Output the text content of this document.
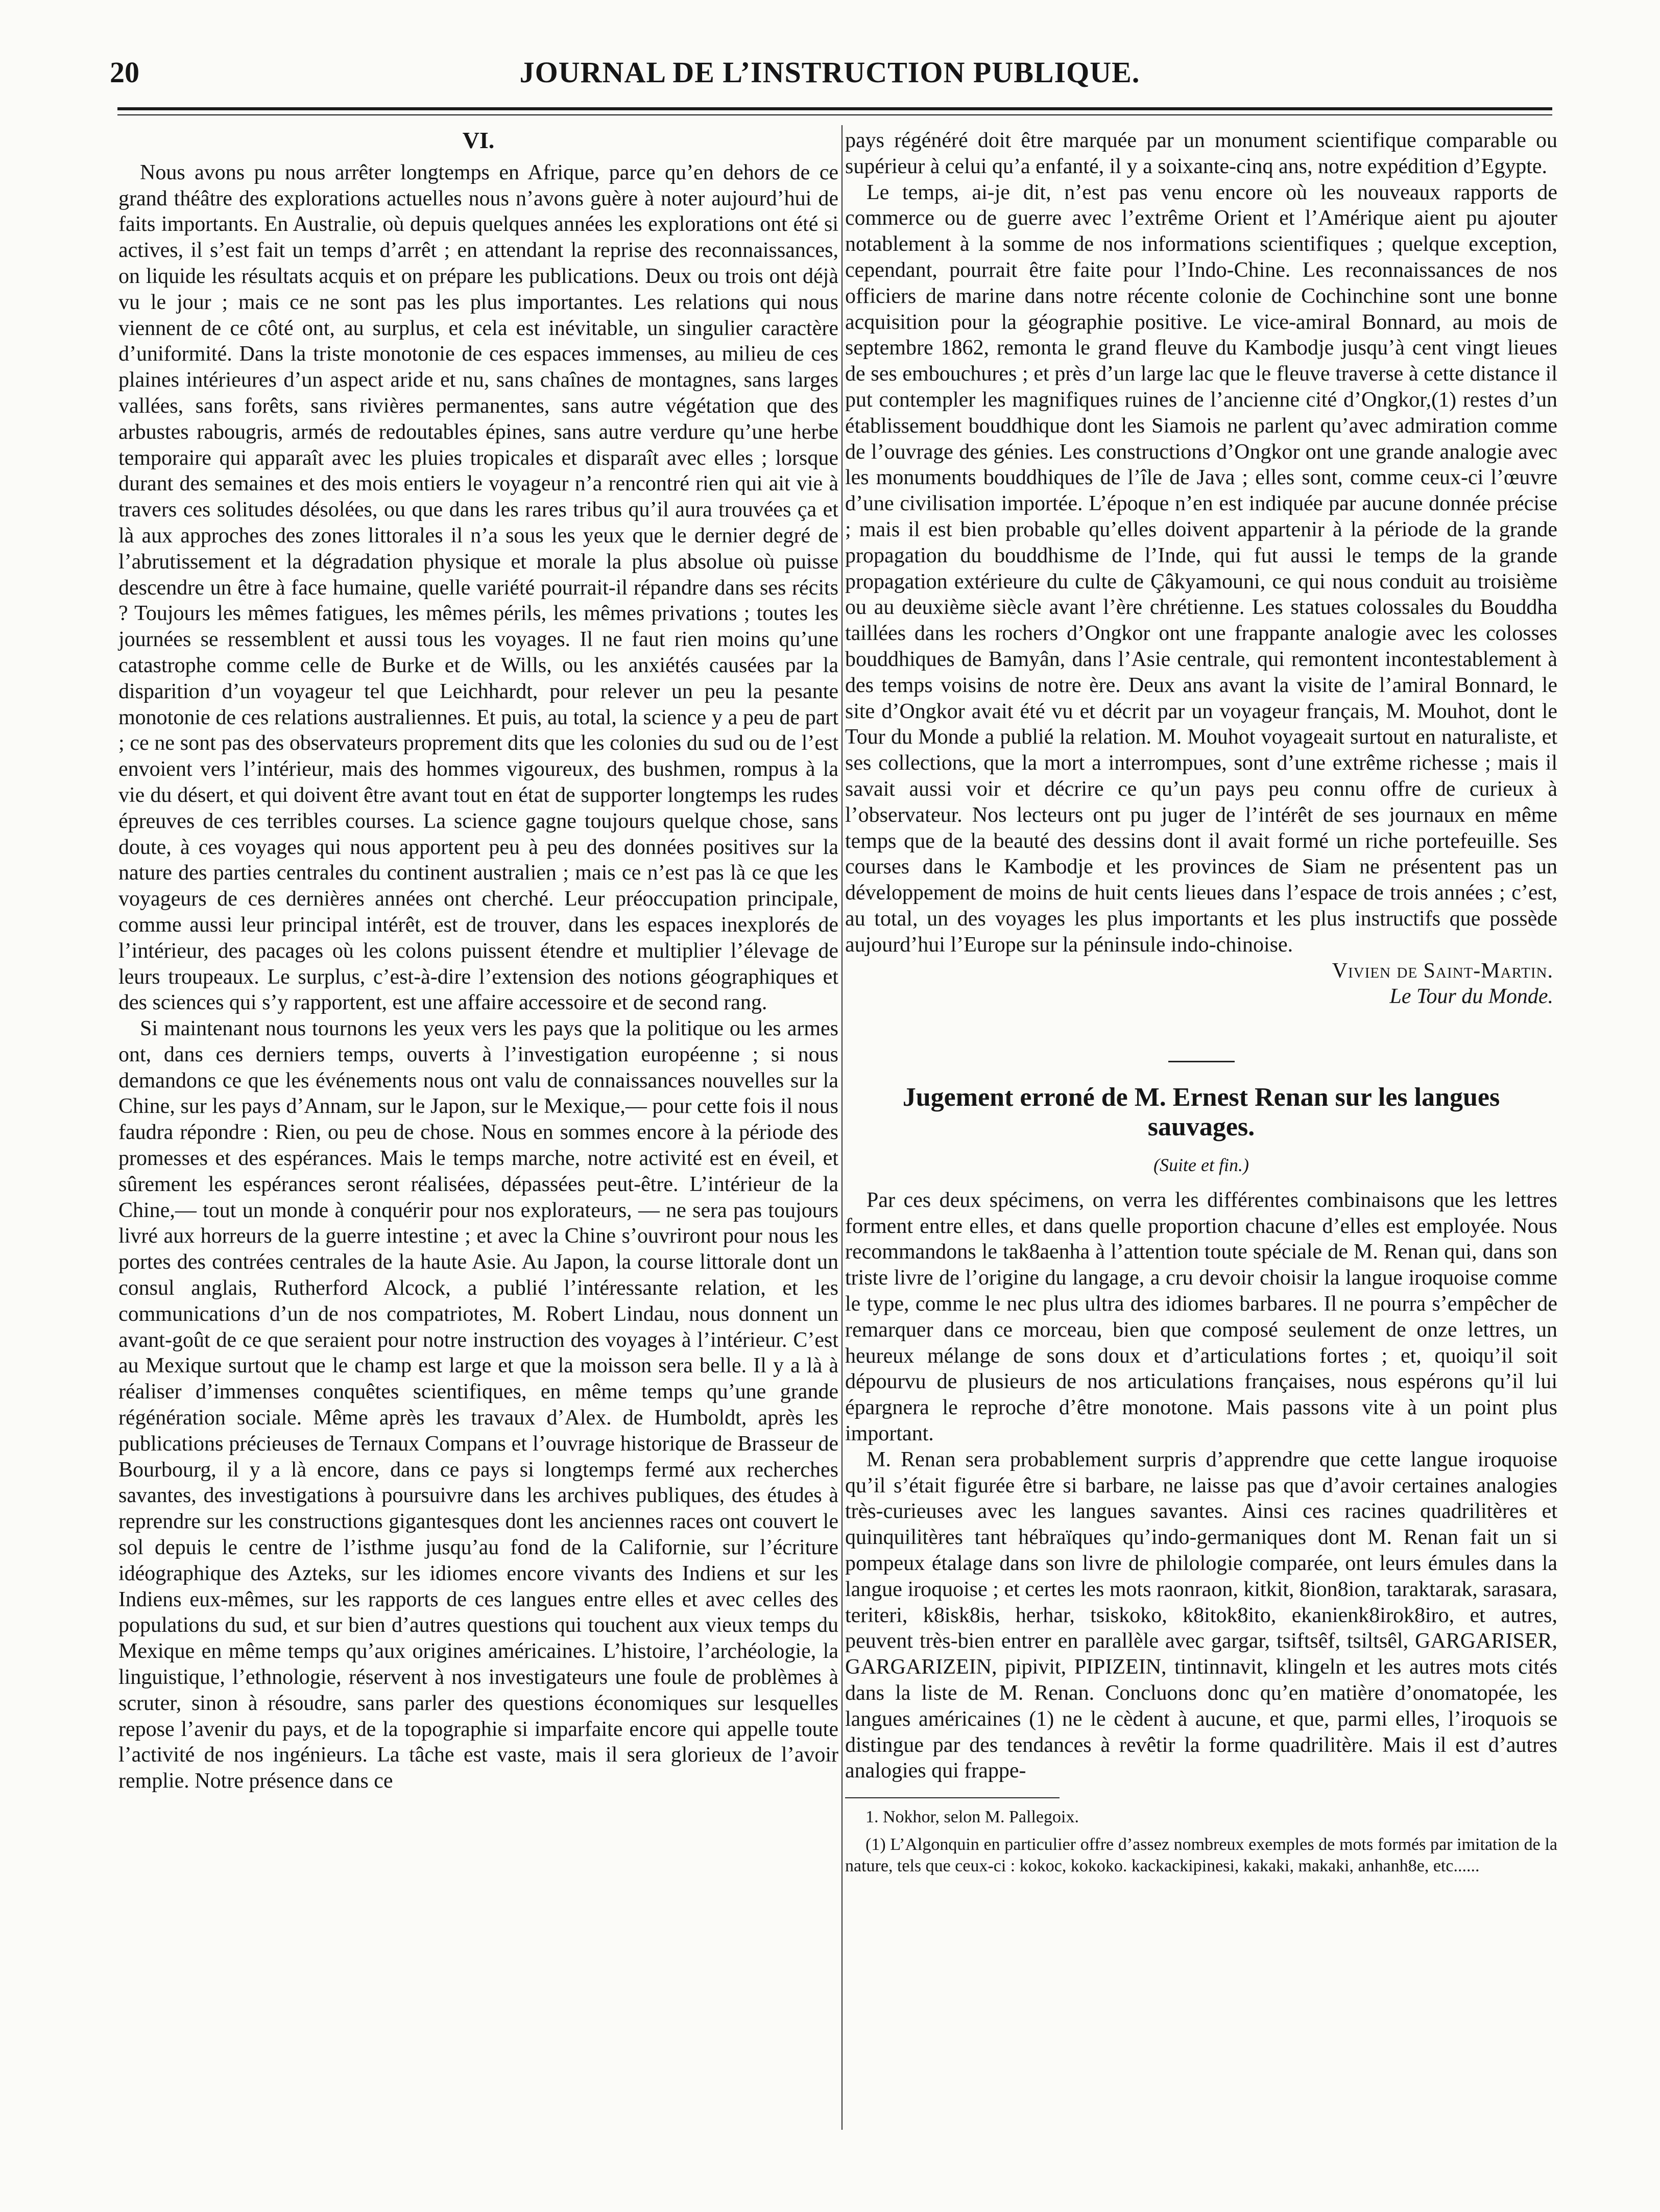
20	JOURNAL DE L’INSTRUCTION PUBLIQUE.
VI.

Nous avons pu nous arrêter longtemps en Afrique, parce qu’en dehors de ce grand théâtre des explorations actuelles nous n’avons guère à noter aujourd’hui de faits importants. En Australie, où depuis quelques années les explorations ont été si actives, il s’est fait un temps d’arrêt ; en attendant la reprise des reconnaissances, on liquide les résultats acquis et on prépare les publications. Deux ou trois ont déjà vu le jour ; mais ce ne sont pas les plus importantes. Les relations qui nous viennent de ce côté ont, au surplus, et cela est inévitable, un singulier caractère d’uniformité. Dans la triste monotonie de ces espaces immenses, au milieu de ces plaines intérieures d’un aspect aride et nu, sans chaînes de montagnes, sans larges vallées, sans forêts, sans rivières permanentes, sans autre végétation que des arbustes rabougris, armés de redoutables épines, sans autre verdure qu’une herbe temporaire qui apparaît avec les pluies tropicales et disparaît avec elles ; lorsque durant des semaines et des mois entiers le voyageur n’a rencontré rien qui ait vie à travers ces solitudes désolées, ou que dans les rares tribus qu’il aura trouvées ça et là aux approches des zones littorales il n’a sous les yeux que le dernier degré de l’abrutissement et la dégradation physique et morale la plus absolue où puisse descendre un être à face humaine, quelle variété pourrait-il répandre dans ses récits ? Toujours les mêmes fatigues, les mêmes périls, les mêmes privations ; toutes les journées se ressemblent et aussi tous les voyages. Il ne faut rien moins qu’une catastrophe comme celle de Burke et de Wills, ou les anxiétés causées par la disparition d’un voyageur tel que Leichhardt, pour relever un peu la pesante monotonie de ces relations australiennes. Et puis, au total, la science y a peu de part ; ce ne sont pas des observateurs proprement dits que les colonies du sud ou de l’est envoient vers l’intérieur, mais des hommes vigoureux, des bushmen, rompus à la vie du désert, et qui doivent être avant tout en état de supporter longtemps les rudes épreuves de ces terribles courses. La science gagne toujours quelque chose, sans doute, à ces voyages qui nous apportent peu à peu des données positives sur la nature des parties centrales du continent australien ; mais ce n’est pas là ce que les voyageurs de ces dernières années ont cherché. Leur préoccupation principale, comme aussi leur principal intérêt, est de trouver, dans les espaces inexplorés de l’intérieur, des pacages où les colons puissent étendre et multiplier l’élevage de leurs troupeaux. Le surplus, c’est-à-dire l’extension des notions géographiques et des sciences qui s’y rapportent, est une affaire accessoire et de second rang.

Si maintenant nous tournons les yeux vers les pays que la politique ou les armes ont, dans ces derniers temps, ouverts à l’investigation européenne ; si nous demandons ce que les événements nous ont valu de connaissances nouvelles sur la Chine, sur les pays d’Annam, sur le Japon, sur le Mexique,— pour cette fois il nous faudra répondre : Rien, ou peu de chose. Nous en sommes encore à la période des promesses et des espérances. Mais le temps marche, notre activité est en éveil, et sûrement les espérances seront réalisées, dépassées peut-être. L’intérieur de la Chine,— tout un monde à conquérir pour nos explorateurs, — ne sera pas toujours livré aux horreurs de la guerre intestine ; et avec la Chine s’ouvriront pour nous les portes des contrées centrales de la haute Asie. Au Japon, la course littorale dont un consul anglais, Rutherford Alcock, a publié l’intéressante relation, et les communications d’un de nos compatriotes, M. Robert Lindau, nous donnent un avant-goût de ce que seraient pour notre instruction des voyages à l’intérieur. C’est au Mexique surtout que le champ est large et que la moisson sera belle. Il y a là à réaliser d’immenses conquêtes scientifiques, en même temps qu’une grande régénération sociale. Même après les travaux d’Alex. de Humboldt, après les publications précieuses de Ternaux Compans et l’ouvrage historique de Brasseur de Bourbourg, il y a là encore, dans ce pays si longtemps fermé aux recherches savantes, des investigations à poursuivre dans les archives publiques, des études à reprendre sur les constructions gigantesques dont les anciennes races ont couvert le sol depuis le centre de l’isthme jusqu’au fond de la Californie, sur l’écriture idéographique des Azteks, sur les idiomes encore vivants des Indiens et sur les Indiens eux-mêmes, sur les rapports de ces langues entre elles et avec celles des populations du sud, et sur bien d’autres questions qui touchent aux vieux temps du Mexique en même temps qu’aux origines américaines. L’histoire, l’archéologie, la linguistique, l’ethnologie, réservent à nos investigateurs une foule de problèmes à scruter, sinon à résoudre, sans parler des questions économiques sur lesquelles repose l’avenir du pays, et de la topographie si imparfaite encore qui appelle toute l’activité de nos ingénieurs. La tâche est vaste, mais il sera glorieux de l’avoir remplie. Notre présence dans ce

pays régénéré doit être marquée par un monument scientifique comparable ou supérieur à celui qu’a enfanté, il y a soixante-cinq ans, notre expédition d’Egypte.

Le temps, ai-je dit, n’est pas venu encore où les nouveaux rapports de commerce ou de guerre avec l’extrême Orient et l’Amérique aient pu ajouter notablement à la somme de nos informations scientifiques ; quelque exception, cependant, pourrait être faite pour l’Indo-Chine. Les reconnaissances de nos officiers de marine dans notre récente colonie de Cochinchine sont une bonne acquisition pour la géographie positive. Le vice-amiral Bonnard, au mois de septembre 1862, remonta le grand fleuve du Kambodje jusqu’à cent vingt lieues de ses embouchures ; et près d’un large lac que le fleuve traverse à cette distance il put contempler les magnifiques ruines de l’ancienne cité d’Ongkor,(1) restes d’un établissement bouddhique dont les Siamois ne parlent qu’avec admiration comme de l’ouvrage des génies. Les constructions d’Ongkor ont une grande analogie avec les monuments bouddhiques de l’île de Java ; elles sont, comme ceux-ci l’œuvre d’une civilisation importée. L’époque n’en est indiquée par aucune donnée précise ; mais il est bien probable qu’elles doivent appartenir à la période de la grande propagation du bouddhisme de l’Inde, qui fut aussi le temps de la grande propagation extérieure du culte de Çâkyamouni, ce qui nous conduit au troisième ou au deuxième siècle avant l’ère chrétienne. Les statues colossales du Bouddha taillées dans les rochers d’Ongkor ont une frappante analogie avec les colosses bouddhiques de Bamyân, dans l’Asie centrale, qui remontent incontestablement à des temps voisins de notre ère. Deux ans avant la visite de l’amiral Bonnard, le site d’Ongkor avait été vu et décrit par un voyageur français, M. Mouhot, dont le Tour du Monde a publié la relation. M. Mouhot voyageait surtout en naturaliste, et ses collections, que la mort a interrompues, sont d’une extrême richesse ; mais il savait aussi voir et décrire ce qu’un pays peu connu offre de curieux à l’observateur. Nos lecteurs ont pu juger de l’intérêt de ses journaux en même temps que de la beauté des dessins dont il avait formé un riche portefeuille. Ses courses dans le Kambodje et les provinces de Siam ne présentent pas un développement de moins de huit cents lieues dans l’espace de trois années ; c’est, au total, un des voyages les plus importants et les plus instructifs que possède aujourd’hui l’Europe sur la péninsule indo-chinoise.

Vivien de Saint-Martin.

Le Tour du Monde.

Jugement erroné de M. Ernest Renan sur les langues sauvages.
(Suite et fin.)

Par ces deux spécimens, on verra les différentes combinaisons que les lettres forment entre elles, et dans quelle proportion chacune d’elles est employée. Nous recommandons le tak8aenha à l’attention toute spéciale de M. Renan qui, dans son triste livre de l’origine du langage, a cru devoir choisir la langue iroquoise comme le type, comme le nec plus ultra des idiomes barbares. Il ne pourra s’empêcher de remarquer dans ce morceau, bien que composé seulement de onze lettres, un heureux mélange de sons doux et d’articulations fortes ; et, quoiqu’il soit dépourvu de plusieurs de nos articulations françaises, nous espérons qu’il lui épargnera le reproche d’être monotone. Mais passons vite à un point plus important.

M. Renan sera probablement surpris d’apprendre que cette langue iroquoise qu’il s’était figurée être si barbare, ne laisse pas que d’avoir certaines analogies très-curieuses avec les langues savantes. Ainsi ces racines quadrilitères et quinquilitères tant hébraïques qu’indo-germaniques dont M. Renan fait un si pompeux étalage dans son livre de philologie comparée, ont leurs émules dans la langue iroquoise ; et certes les mots raonraon, kitkit, 8ion8ion, taraktarak, sarasara, teriteri, k8isk8is, herhar, tsiskoko, k8itok8ito, ekanienk8irok8iro, et autres, peuvent très-bien entrer en parallèle avec gargar, tsiftsêf, tsiltsêl, GARGARISER, GARGARIZEIN, pipivit, PIPIZEIN, tintinnavit, klingeln et les autres mots cités dans la liste de M. Renan. Concluons donc qu’en matière d’onomatopée, les langues américaines (1) ne le cèdent à aucune, et que, parmi elles, l’iroquois se distingue par des tendances à revêtir la forme quadrilitère. Mais il est d’autres analogies qui frappe-

1. Nokhor, selon M. Pallegoix.

(1) L’Algonquin en particulier offre d’assez nombreux exemples de mots formés par imitation de la nature, tels que ceux-ci : kokoc, kokoko. kackackipinesi, kakaki, makaki, anhanh8e, etc......
